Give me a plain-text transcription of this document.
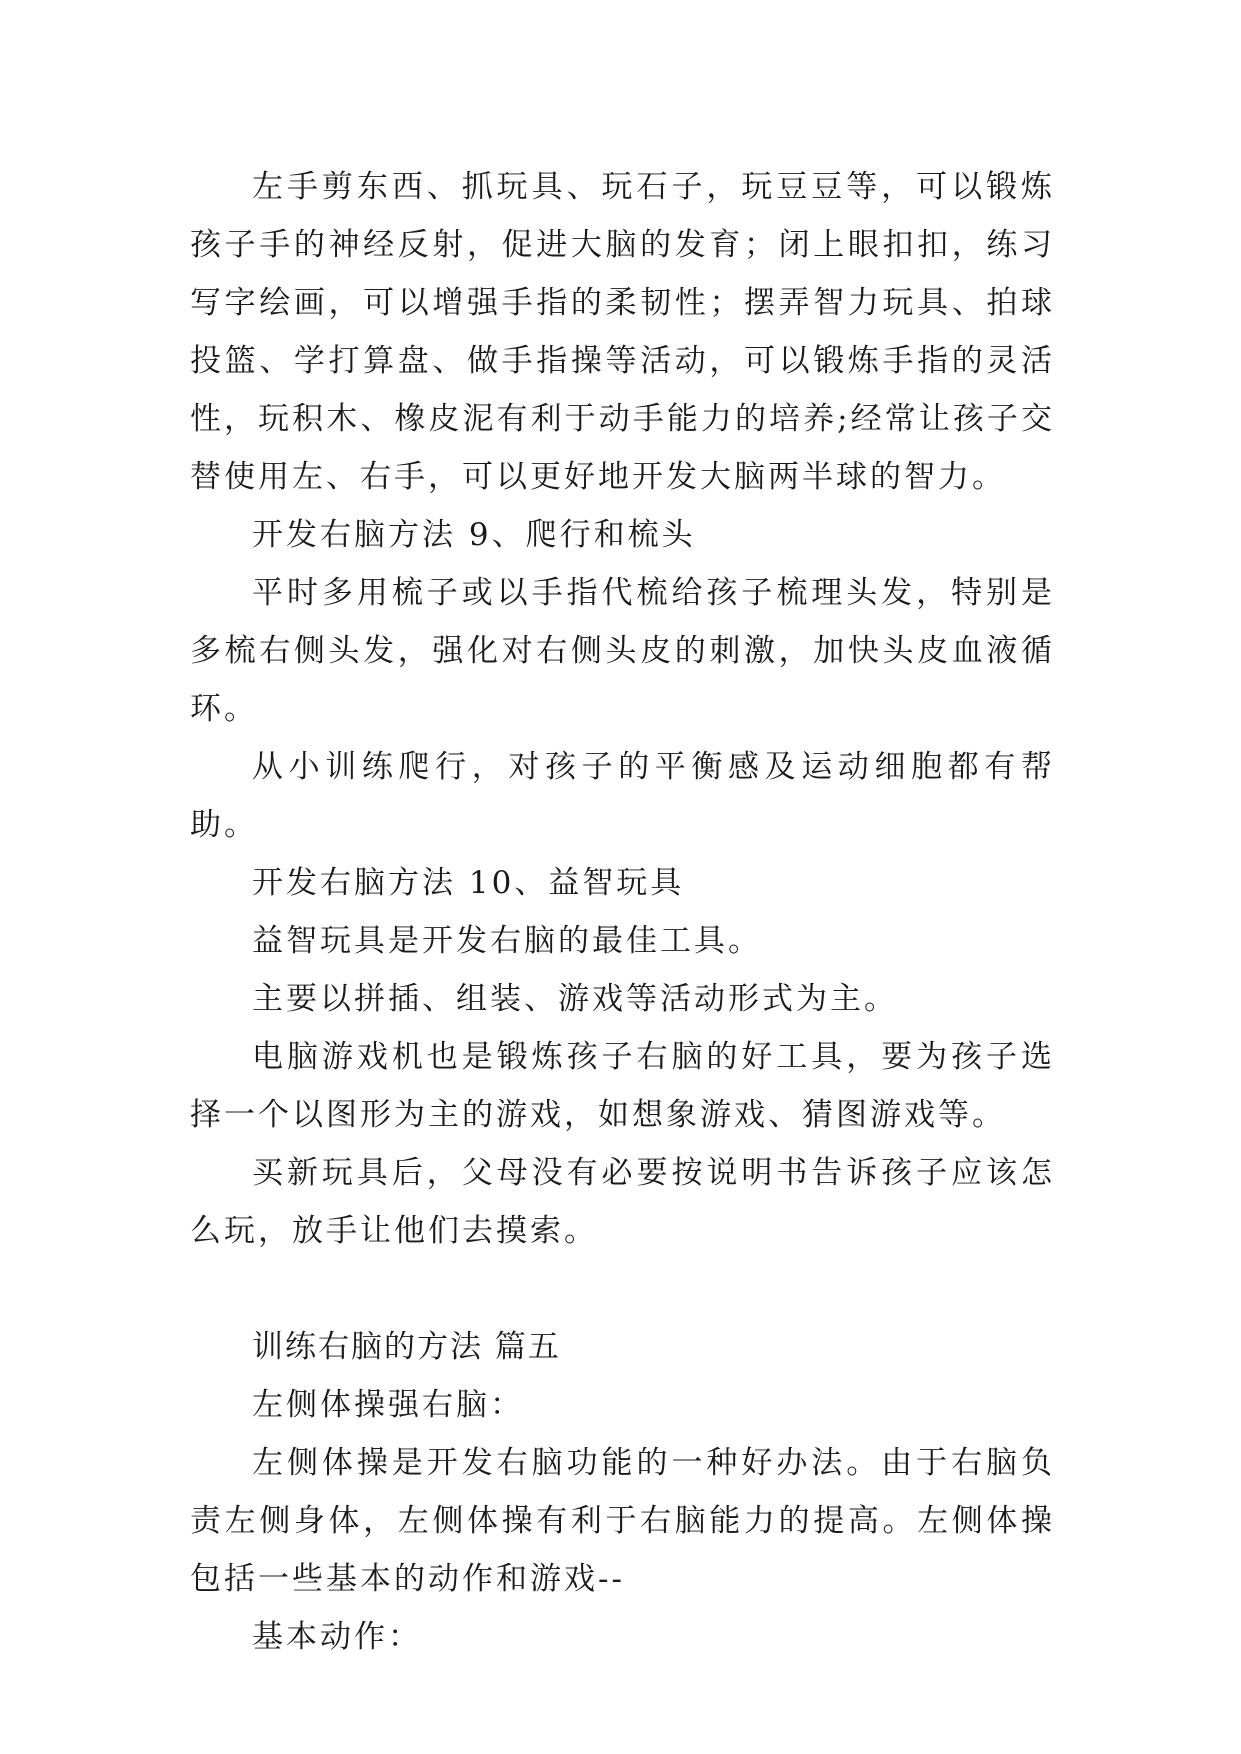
左手剪东西、抓玩具、玩石子，玩豆豆等，可以锻炼孩子手的神经反射，促进大脑的发育；闭上眼扣扣，练习写字绘画，可以增强手指的柔韧性；摆弄智力玩具、拍球投篮、学打算盘、做手指操等活动，可以锻炼手指的灵活性，玩积木、橡皮泥有利于动手能力的培养;经常让孩子交替使用左、右手，可以更好地开发大脑两半球的智力。

开发右脑方法 9、爬行和梳头

平时多用梳子或以手指代梳给孩子梳理头发，特别是多梳右侧头发，强化对右侧头皮的刺激，加快头皮血液循环。

从小训练爬行，对孩子的平衡感及运动细胞都有帮助。

开发右脑方法 10、益智玩具

益智玩具是开发右脑的最佳工具。

主要以拼插、组装、游戏等活动形式为主。

电脑游戏机也是锻炼孩子右脑的好工具，要为孩子选择一个以图形为主的游戏，如想象游戏、猜图游戏等。

买新玩具后，父母没有必要按说明书告诉孩子应该怎么玩，放手让他们去摸索。

训练右脑的方法 篇五

左侧体操强右脑：

左侧体操是开发右脑功能的一种好办法。由于右脑负责左侧身体，左侧体操有利于右脑能力的提高。左侧体操包括一些基本的动作和游戏--

基本动作：
